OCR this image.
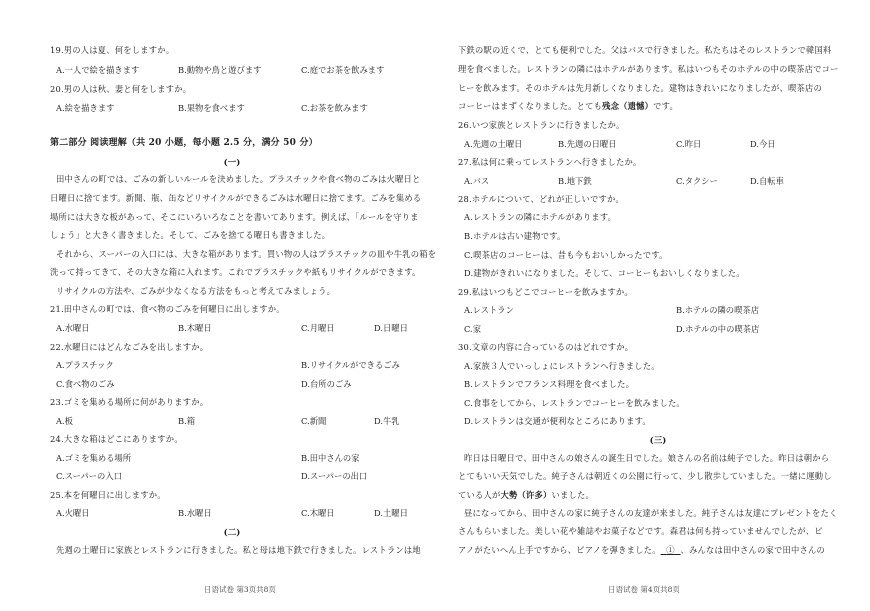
19.男の人は夏、何をしますか。
A.一人で絵を描きます	B.動物や鳥と遊びます	C.庭でお茶を飲みます
20.男の人は秋、妻と何をしますか。
A.絵を描きます	B.果物を食べます	C.お茶を飲みます
第二部分 阅读理解（共 20 小题，每小题 2.5 分，满分 50 分）
(一)
田中さんの町では、ごみの新しいルールを決めました。プラスチックや食べ物のごみは火曜日と
日曜日に捨てます。新聞、瓶、缶などリサイクルができるごみは水曜日に捨てます。ごみを集める
場所には大きな板があって、そこにいろいろなことを書いてあります。例えば、「ルールを守りま
しょう」と大きく書きました。そして、ごみを捨てる曜日も書きました。
それから、スーパーの入口には、大きな箱があります。買い物の人はプラスチックの皿や牛乳の箱を
洗って持ってきて、その大きな箱に入れます。これでプラスチックや紙もリサイクルができます。
リサイクルの方法や、ごみが少なくなる方法をもっと考えてみましょう。
21.田中さんの町では、食べ物のごみを何曜日に出しますか。
A.水曜日	B.木曜日	C.月曜日	D.日曜日
22.水曜日にはどんなごみを出しますか。
A.プラスチック	B.リサイクルができるごみ
C.食べ物のごみ	D.台所のごみ
23.ゴミを集める場所に何がありますか。
A.板	B.箱	C.新聞	D.牛乳
24.大きな箱はどこにありますか。
A.ゴミを集める場所	B.田中さんの家
C.スーパーの入口	D.スーパーの出口
25.本を何曜日に出しますか。
A.火曜日	B.水曜日	C.木曜日	D.土曜日
(二)
先週の土曜日に家族とレストランに行きました。私と母は地下鉄で行きました。レストランは地
日语试卷 第3页共8页
下鉄の駅の近くで、とても便利でした。父はバスで行きました。私たちはそのレストランで韓国料
理を食べました。レストランの隣にはホテルがあります。私はいつもそのホテルの中の喫茶店でコー
ヒーを飲みます。そのホテルは先月新しくなりました。建物はきれいになりましたが、喫茶店の
コーヒーはまずくなりました。とても残念（遗憾）です。
26.いつ家族とレストランに行きましたか。
A.先週の土曜日	B.先週の日曜日	C.昨日	D.今日
27.私は何に乗ってレストランへ行きましたか。
A.バス	B.地下鉄	C.タクシー	D.自転車
28.ホテルについて、どれが正しいですか。
A.レストランの隣にホテルがあります。
B.ホテルは古い建物です。
C.喫茶店のコーヒーは、昔も今もおいしかったです。
D.建物がきれいになりました。そして、コーヒーもおいしくなりました。
29.私はいつもどこでコーヒーを飲みますか。
A.レストラン	B.ホテルの隣の喫茶店
C.家	D.ホテルの中の喫茶店
30.文章の内容に合っているのはどれですか。
A.家族３人でいっしょにレストランへ行きました。
B.レストランでフランス料理を食べました。
C.食事をしてから、レストランでコーヒーを飲みました。
D.レストランは交通が便利なところにあります。
(三)
昨日は日曜日で、田中さんの娘さんの誕生日でした。娘さんの名前は純子でした。昨日は朝から
とてもいい天気でした。純子さんは朝近くの公園に行って、少し散歩していました。一緒に運動し
ている人が大勢（许多）いました。
昼になってから、田中さんの家に純子さんの友達が来ました。純子さんは友達にプレゼントをたく
さんもらいました。美しい花や雑誌やお菓子などです。森君は何も持っていませんでしたが、ピ
アノがたいへん上手ですから、ピアノを弾きました。 ① 、みんなは田中さんの家で田中さんの
日语试卷 第4页共8页
